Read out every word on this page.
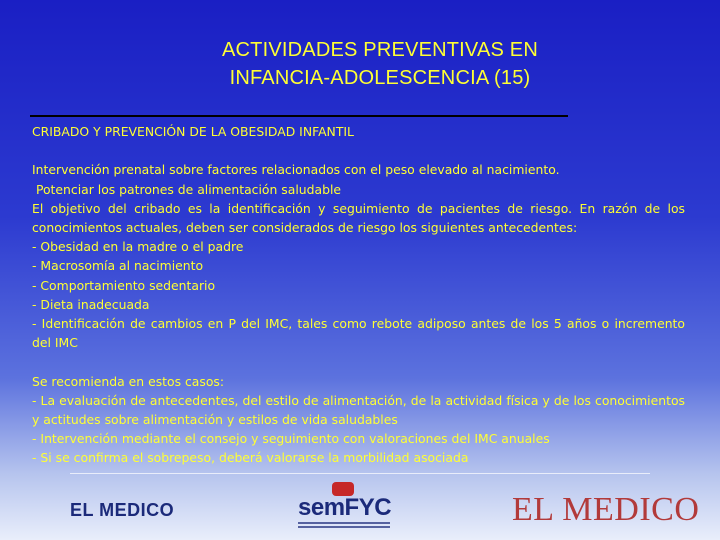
ACTIVIDADES PREVENTIVAS EN
INFANCIA-ADOLESCENCIA (15)

CRIBADO Y PREVENCIÓN DE LA OBESIDAD INFANTIL

Intervención prenatal sobre factores relacionados con el peso elevado al nacimiento.

Potenciar los patrones de alimentación saludable

El objetivo del cribado es la identificación y seguimiento de pacientes de riesgo. En razón de los conocimientos actuales, deben ser considerados de riesgo los siguientes antecedentes:

- Obesidad en la madre o el padre

- Macrosomía al nacimiento

- Comportamiento sedentario

- Dieta inadecuada

- Identificación de cambios en P del IMC, tales como rebote adiposo antes de los 5 años o incremento del IMC

Se recomienda en estos casos:

- La evaluación de antecedentes, del estilo de alimentación, de la actividad física y de los conocimientos y actitudes sobre alimentación y estilos de vida saludables

- Intervención mediante el consejo y seguimiento con valoraciones del IMC anuales

- Si se confirma el sobrepeso, deberá valorarse la morbilidad asociada

EL MEDICO	semFYC	EL MEDICO
